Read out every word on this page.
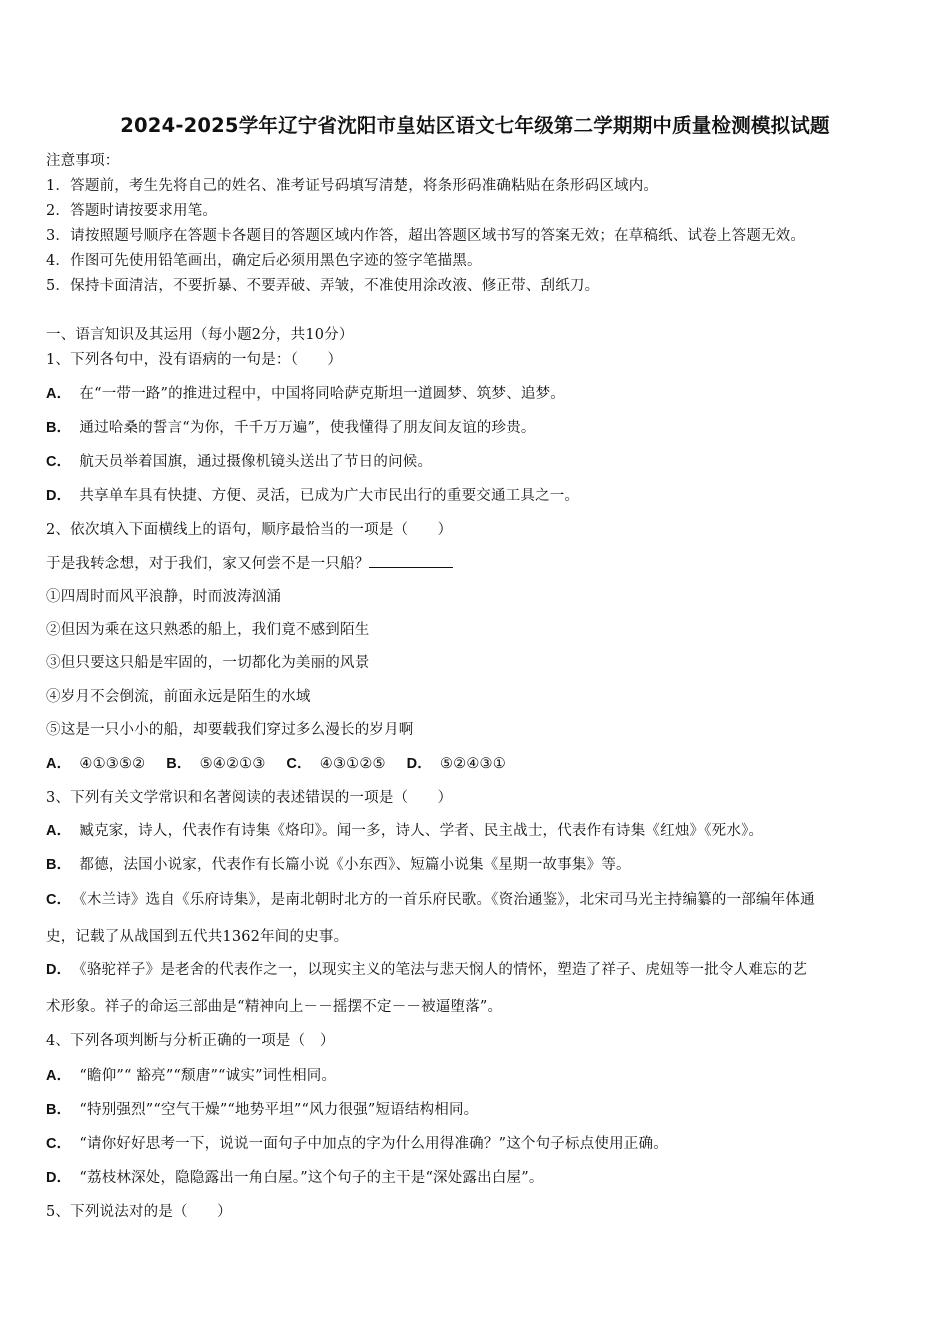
2024-2025学年辽宁省沈阳市皇姑区语文七年级第二学期期中质量检测模拟试题
注意事项：
1．答题前，考生先将自己的姓名、准考证号码填写清楚，将条形码准确粘贴在条形码区域内。
2．答题时请按要求用笔。
3．请按照题号顺序在答题卡各题目的答题区域内作答，超出答题区域书写的答案无效；在草稿纸、试卷上答题无效。
4．作图可先使用铅笔画出，确定后必须用黑色字迹的签字笔描黑。
5．保持卡面清洁，不要折暴、不要弄破、弄皱，不准使用涂改液、修正带、刮纸刀。
一、语言知识及其运用（每小题2分，共10分）
1、下列各句中，没有语病的一句是：（　　）
A． 在“一带一路”的推进过程中，中国将同哈萨克斯坦一道圆梦、筑梦、追梦。
B． 通过哈桑的誓言“为你，千千万万遍”，使我懂得了朋友间友谊的珍贵。
C． 航天员举着国旗，通过摄像机镜头送出了节日的问候。
D． 共享单车具有快捷、方便、灵活，已成为广大市民出行的重要交通工具之一。
2、依次填入下面横线上的语句，顺序最恰当的一项是（　　）
于是我转念想，对于我们，家又何尝不是一只船？
①四周时而风平浪静，时而波涛汹涌
②但因为乘在这只熟悉的船上，我们竟不感到陌生
③但只要这只船是牢固的，一切都化为美丽的风景
④岁月不会倒流，前面永远是陌生的水域
⑤这是一只小小的船，却要载我们穿过多么漫长的岁月啊
A． ④①③⑤② B． ⑤④②①③ C． ④③①②⑤ D． ⑤②④③①
3、下列有关文学常识和名著阅读的表述错误的一项是（　　）
A． 臧克家，诗人，代表作有诗集《烙印》。闻一多，诗人、学者、民主战士，代表作有诗集《红烛》《死水》。
B． 都德，法国小说家，代表作有长篇小说《小东西》、短篇小说集《星期一故事集》等。
C． 《木兰诗》选自《乐府诗集》，是南北朝时北方的一首乐府民歌。《资治通鉴》，北宋司马光主持编纂的一部编年体通
史，记载了从战国到五代共1362年间的史事。
D． 《骆驼祥子》是老舍的代表作之一，以现实主义的笔法与悲天悯人的情怀，塑造了祥子、虎妞等一批令人难忘的艺
术形象。祥子的命运三部曲是“精神向上－－摇摆不定－－被逼堕落”。
4、下列各项判断与分析正确的一项是（　）
A． “瞻仰”“ 豁亮”“颓唐”“诚实”词性相同。
B． “特别强烈”“空气干燥”“地势平坦”“风力很强”短语结构相同。
C． “请你好好思考一下，说说一面句子中加点的字为什么用得准确？”这个句子标点使用正确。
D． “荔枝林深处，隐隐露出一角白屋。”这个句子的主干是“深处露出白屋”。
5、下列说法对的是（　　）
